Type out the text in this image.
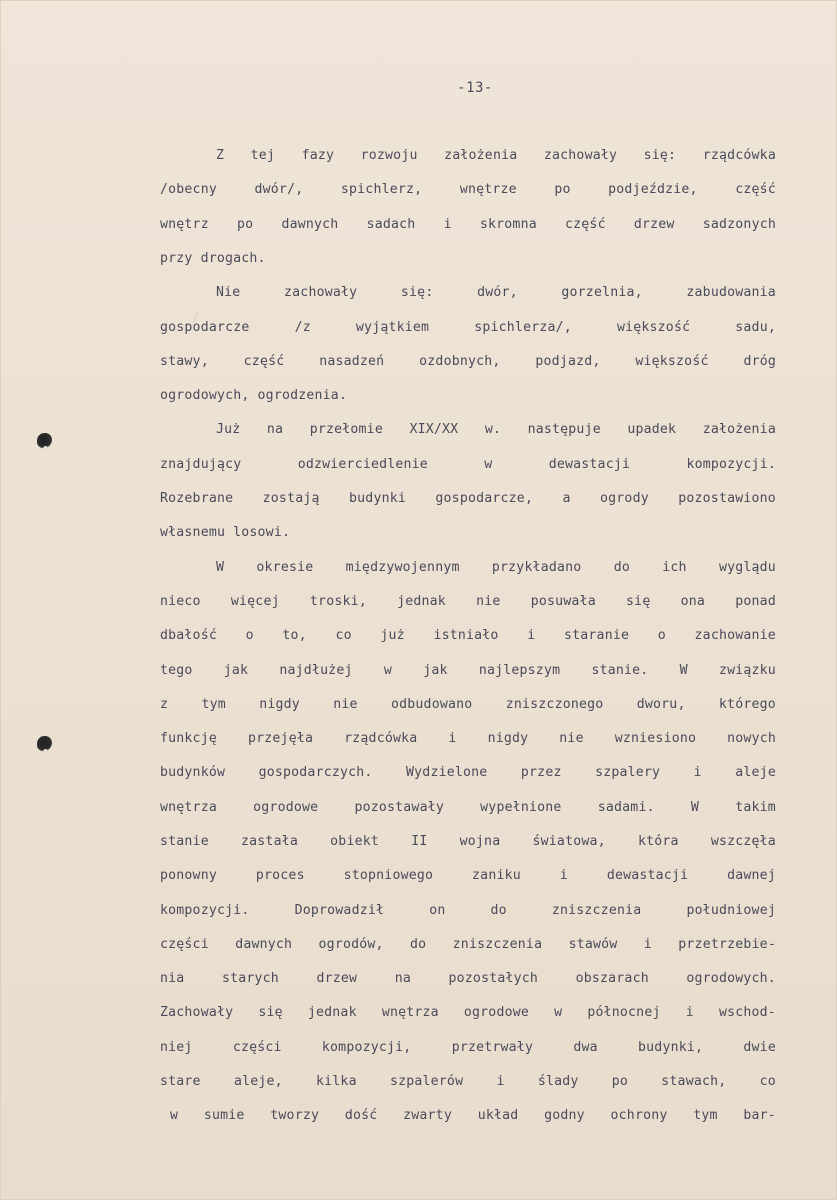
-13-
Z tej fazy rozwoju założenia zachowały się: rządcówka
/obecny	dwór/,	spichlerz,	wnętrze	po	podjeździe,	część
wnętrz po dawnych sadach i skromna część drzew sadzonych
przy drogach.
Nie	zachowały	się:	dwór,	gorzelnia,	zabudowania
gospodarcze	/z	wyjątkiem	spichlerza/,	większość	sadu,
stawy,	część	nasadzeń	ozdobnych,	podjazd,	większość	dróg
ogrodowych, ogrodzenia.
Już na przełomie XIX/XX w. następuje upadek założenia
znajdujący	odzwierciedlenie	w	dewastacji	kompozycji.
Rozebrane zostają budynki gospodarcze, a ogrody pozostawiono
własnemu losowi.
W okresie międzywojennym przykładano do ich wyglądu
nieco więcej troski, jednak nie posuwała się ona ponad
dbałość o to, co już istniało i staranie o zachowanie
tego jak najdłużej w jak najlepszym stanie. W związku
z	tym	nigdy	nie	odbudowano	zniszczonego	dworu,	którego
funkcję przejęła rządcówka i nigdy nie wzniesiono nowych
budynków	gospodarczych.	Wydzielone	przez	szpalery	i	aleje
wnętrza	ogrodowe	pozostawały	wypełnione	sadami.	W	takim
stanie zastała obiekt II wojna światowa, która wszczęła
ponowny	proces	stopniowego	zaniku	i	dewastacji	dawnej
kompozycji.	Doprowadził	on	do	zniszczenia	południowej
części dawnych ogrodów, do zniszczenia stawów i przetrzebie-
nia	starych	drzew	na	pozostałych	obszarach	ogrodowych.
Zachowały się jednak wnętrza ogrodowe w północnej i wschod-
niej	części	kompozycji,	przetrwały	dwa	budynki,	dwie
stare	aleje,	kilka	szpalerów	i	ślady	po	stawach,	co
w sumie tworzy dość zwarty układ godny ochrony tym bar-
